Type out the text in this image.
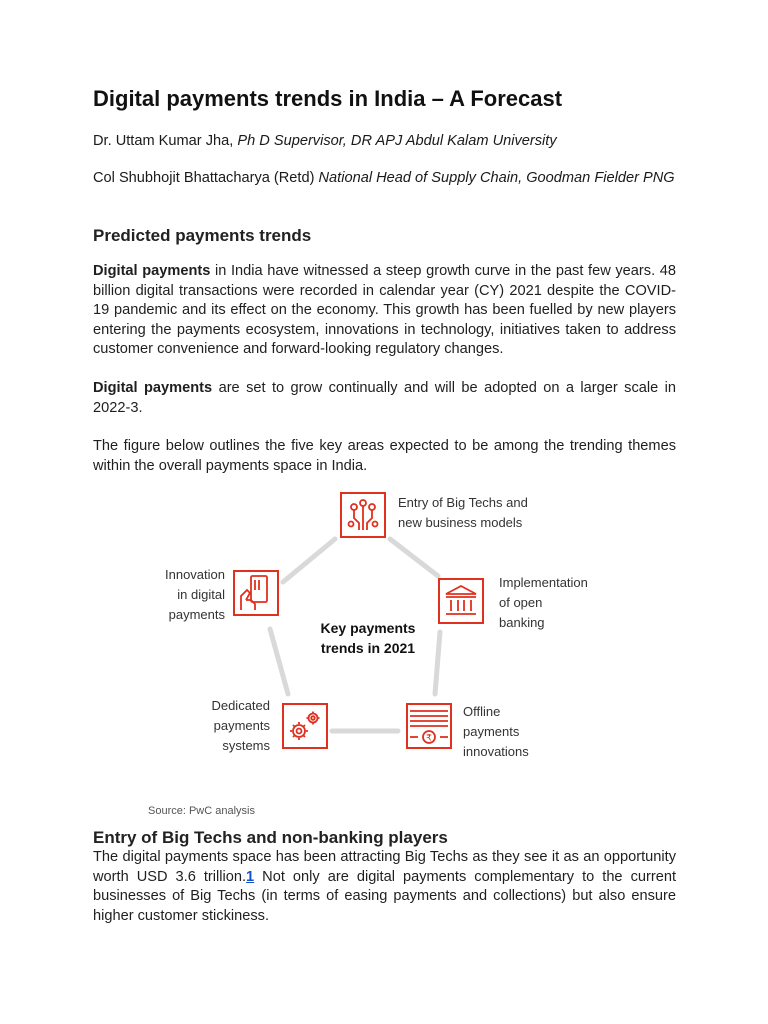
Digital payments trends in India – A Forecast

Dr. Uttam Kumar Jha, Ph D Supervisor, DR APJ Abdul Kalam University

Col Shubhojit Bhattacharya (Retd) National Head of Supply Chain, Goodman Fielder PNG

Predicted payments trends

Digital payments in India have witnessed a steep growth curve in the past few years. 48 billion digital transactions were recorded in calendar year (CY) 2021 despite the COVID-19 pandemic and its effect on the economy. This growth has been fuelled by new players entering the payments ecosystem, innovations in technology, initiatives taken to address customer convenience and forward-looking regulatory changes.

Digital payments are set to grow continually and will be adopted on a larger scale in 2022-3.

The figure below outlines the five key areas expected to be among the trending themes within the overall payments space in India.

Entry of Big Techs and non-banking players

The digital payments space has been attracting Big Techs as they see it as an opportunity worth USD 3.6 trillion.1 Not only are digital payments complementary to the current businesses of Big Techs (in terms of easing payments and collections) but also ensure higher customer stickiness.

Key payments
trends in 2021
Entry of Big Techs and
new business models
Implementation
of open
banking
₹
Offline
payments
innovations
Dedicated
payments
systems
Innovation
in digital
payments
Source: PwC analysis
